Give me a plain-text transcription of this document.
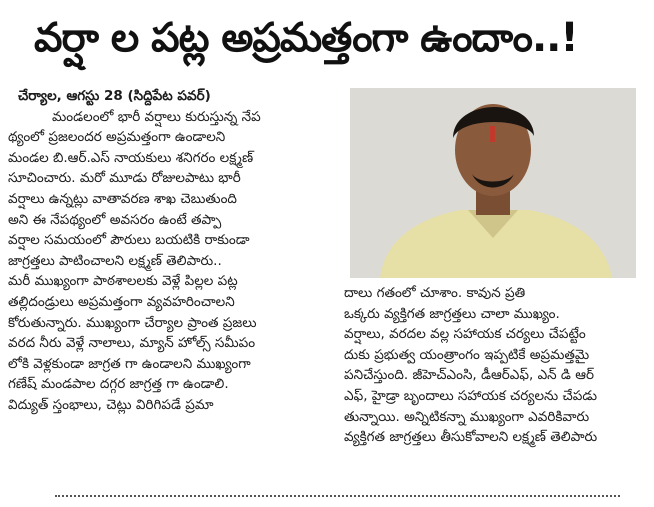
వర్షా ల పట్ల అప్రమత్తంగా ఉందాం..!
చేర్యాల, ఆగస్టు 28 (సిద్దిపేట పవర్)
మండలంలో భారీ వర్షాలు కురుస్తున్న నేప
థ్యంలో ప్రజలందర అప్రమత్తంగా ఉండాలని
మండల బి.ఆర్.ఎస్ నాయకులు శనిగరం లక్ష్మణ్
సూచించారు. మరో మూడు రోజులపాటు భారీ
వర్షాలు ఉన్నట్లు వాతావరణ శాఖ చెబుతుంది
అని ఈ నేపథ్యంలో అవసరం ఉంటే తప్పా
వర్షాల సమయంలో పౌరులు బయటికి రాకుండా
జాగ్రత్తలు పాటించాలని లక్ష్మణ్ తెలిపారు..
మరీ ముఖ్యంగా పాఠశాలలకు వెళ్లే పిల్లల పట్ల
తల్లిదండ్రులు అప్రమత్తంగా వ్యవహరించాలని
కోరుతున్నారు. ముఖ్యంగా చేర్యాల ప్రాంత ప్రజలు
వరద నీరు వెళ్లే నాలాలు, మ్యాన్ హోల్స్ సమీపం
లోకి వెళ్లకుండా జాగ్రత గా ఉండాలని ముఖ్యంగా
గణేష్ మండపాల దగ్గర జాగ్రత్త గా ఉండాలి.
విద్యుత్ స్తంభాలు, చెట్లు విరిగిపడే ప్రమా
దాలు గతంలో చూశాం. కావున ప్రతి
ఒక్కరు వ్యక్తిగత జాగ్రత్తలు చాలా ముఖ్యం.
వర్షాలు, వరదల వల్ల సహాయక చర్యలు చేపట్టేం
దుకు ప్రభుత్వ యంత్రాంగం ఇప్పటికే అప్రమత్తమై
పనిచేస్తుంది. జీహెచ్ఎంసి, డీఆర్ఎఫ్, ఎన్ డి ఆర్
ఎఫ్, హైడ్రా బృందాలు సహాయక చర్యలను చేపడు
తున్నాయి. అన్నిటికన్నా ముఖ్యంగా ఎవరికివారు
వ్యక్తిగత జాగ్రత్తలు తీసుకోవాలని లక్ష్మణ్ తెలిపారు
